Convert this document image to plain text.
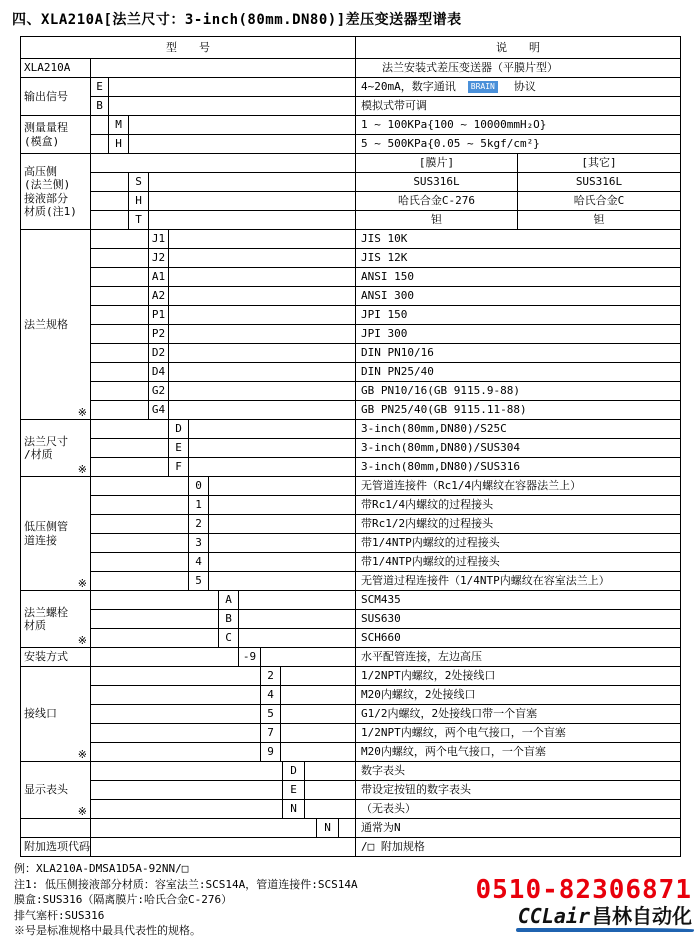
四、XLA210A[法兰尺寸：3-inch(80mm.DN80)]差压变送器型谱表
型　　号	说　　明
XLA210A	法兰安装式差压变送器（平膜片型）
输出信号
E	4~20mA，数字通讯 BRAIN 协议
B	模拟式带可调
测量量程
(模盒)
M	1 ~ 100KPa{100 ~ 10000mmH₂O}
H	5 ~ 500KPa{0.05 ~ 5kgf/cm²}
高压侧
(法兰侧)
接液部分
材质(注1)
[膜片]	[其它]
S	SUS316L	SUS316L
H	哈氏合金C-276	哈氏合金C
T	钽	钽
法兰规格
※
J1	JIS 10K
J2	JIS 12K
A1	ANSI 150
A2	ANSI 300
P1	JPI 150
P2	JPI 300
D2	DIN PN10/16
D4	DIN PN25/40
G2	GB PN10/16(GB 9115.9-88)
G4	GB PN25/40(GB 9115.11-88)
法兰尺寸
/材质
※
D	3-inch(80mm,DN80)/S25C
E	3-inch(80mm,DN80)/SUS304
F	3-inch(80mm,DN80)/SUS316
低压侧管
道连接
※
0	无管道连接件（Rc1/4内螺纹在容器法兰上）
1	带Rc1/4内螺纹的过程接头
2	带Rc1/2内螺纹的过程接头
3	带1/4NTP内螺纹的过程接头
4	带1/4NTP内螺纹的过程接头
5	无管道过程连接件（1/4NTP内螺纹在容室法兰上）
法兰螺栓
材质
※
A	SCM435
B	SUS630
C	SCH660
安装方式	-9	水平配管连接，左边高压
接线口
※
2	1/2NPT内螺纹，2处接线口
4	M20内螺纹，2处接线口
5	G1/2内螺纹，2处接线口带一个盲塞
7	1/2NPT内螺纹，两个电气接口，一个盲塞
9	M20内螺纹，两个电气接口，一个盲塞
显示表头
※
D	数字表头
E	带设定按钮的数字表头
N	（无表头）
N	通常为N
附加选项代码	/□ 附加规格
例：XLA210A-DMSA1D5A-92NN/□
注1: 低压侧接液部分材质：容室法兰:SCS14A，管道连接件:SCS14A
膜盒:SUS316（隔离膜片:哈氏合金C-276）
排气塞杆:SUS316
※号是标准规格中最具代表性的规格。
0510-82306871
CCLair 昌林自动化
